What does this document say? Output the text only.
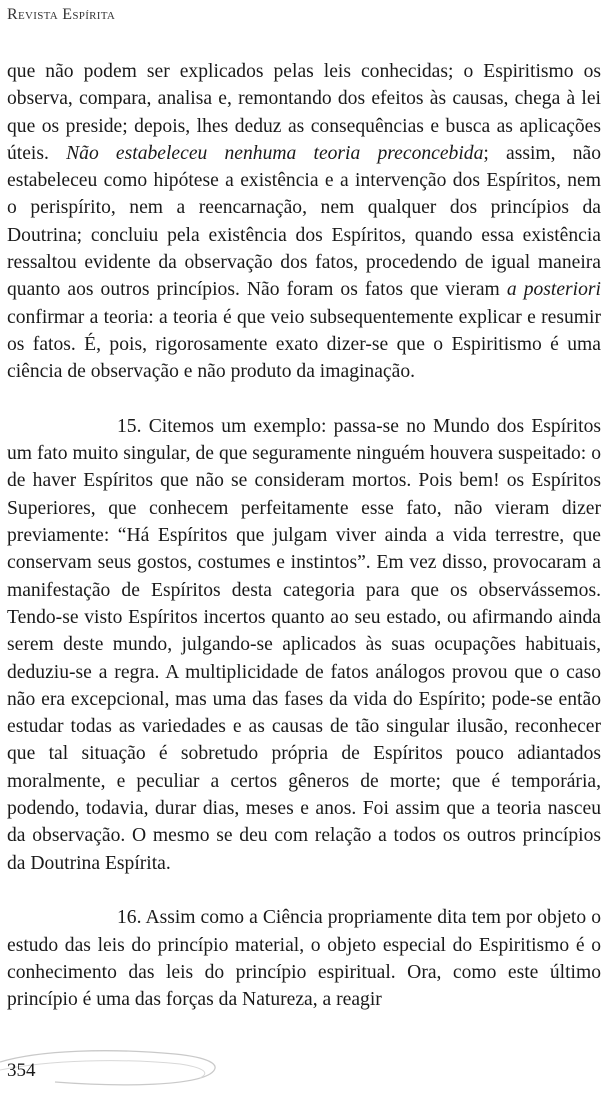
Revista Espírita

que não podem ser explicados pelas leis conhecidas; o Espiritismo os observa, compara, analisa e, remontando dos efeitos às causas, chega à lei que os preside; depois, lhes deduz as consequências e busca as aplicações úteis. Não estabeleceu nenhuma teoria preconcebida; assim, não estabeleceu como hipótese a existência e a intervenção dos Espíritos, nem o perispírito, nem a reencarnação, nem qualquer dos princípios da Doutrina; concluiu pela existência dos Espíritos, quando essa existência ressaltou evidente da observação dos fatos, procedendo de igual maneira quanto aos outros princípios. Não foram os fatos que vieram a posteriori confirmar a teoria: a teoria é que veio subsequentemente explicar e resumir os fatos. É, pois, rigorosamente exato dizer-se que o Espiritismo é uma ciência de observação e não produto da imaginação.

15. Citemos um exemplo: passa-se no Mundo dos Espíritos um fato muito singular, de que seguramente ninguém houvera suspeitado: o de haver Espíritos que não se consideram mortos. Pois bem! os Espíritos Superiores, que conhecem perfeitamente esse fato, não vieram dizer previamente: “Há Espíritos que julgam viver ainda a vida terrestre, que conservam seus gostos, costumes e instintos”. Em vez disso, provocaram a manifestação de Espíritos desta categoria para que os observássemos. Tendo-se visto Espíritos incertos quanto ao seu estado, ou afirmando ainda serem deste mundo, julgando-se aplicados às suas ocupações habituais, deduziu-se a regra. A multiplicidade de fatos análogos provou que o caso não era excepcional, mas uma das fases da vida do Espírito; pode-se então estudar todas as variedades e as causas de tão singular ilusão, reconhecer que tal situação é sobretudo própria de Espíritos pouco adiantados moralmente, e peculiar a certos gêneros de morte; que é temporária, podendo, todavia, durar dias, meses e anos. Foi assim que a teoria nasceu da observação. O mesmo se deu com relação a todos os outros princípios da Doutrina Espírita.

16. Assim como a Ciência propriamente dita tem por objeto o estudo das leis do princípio material, o objeto especial do Espiritismo é o conhecimento das leis do princípio espiritual. Ora, como este último princípio é uma das forças da Natureza, a reagir

354
